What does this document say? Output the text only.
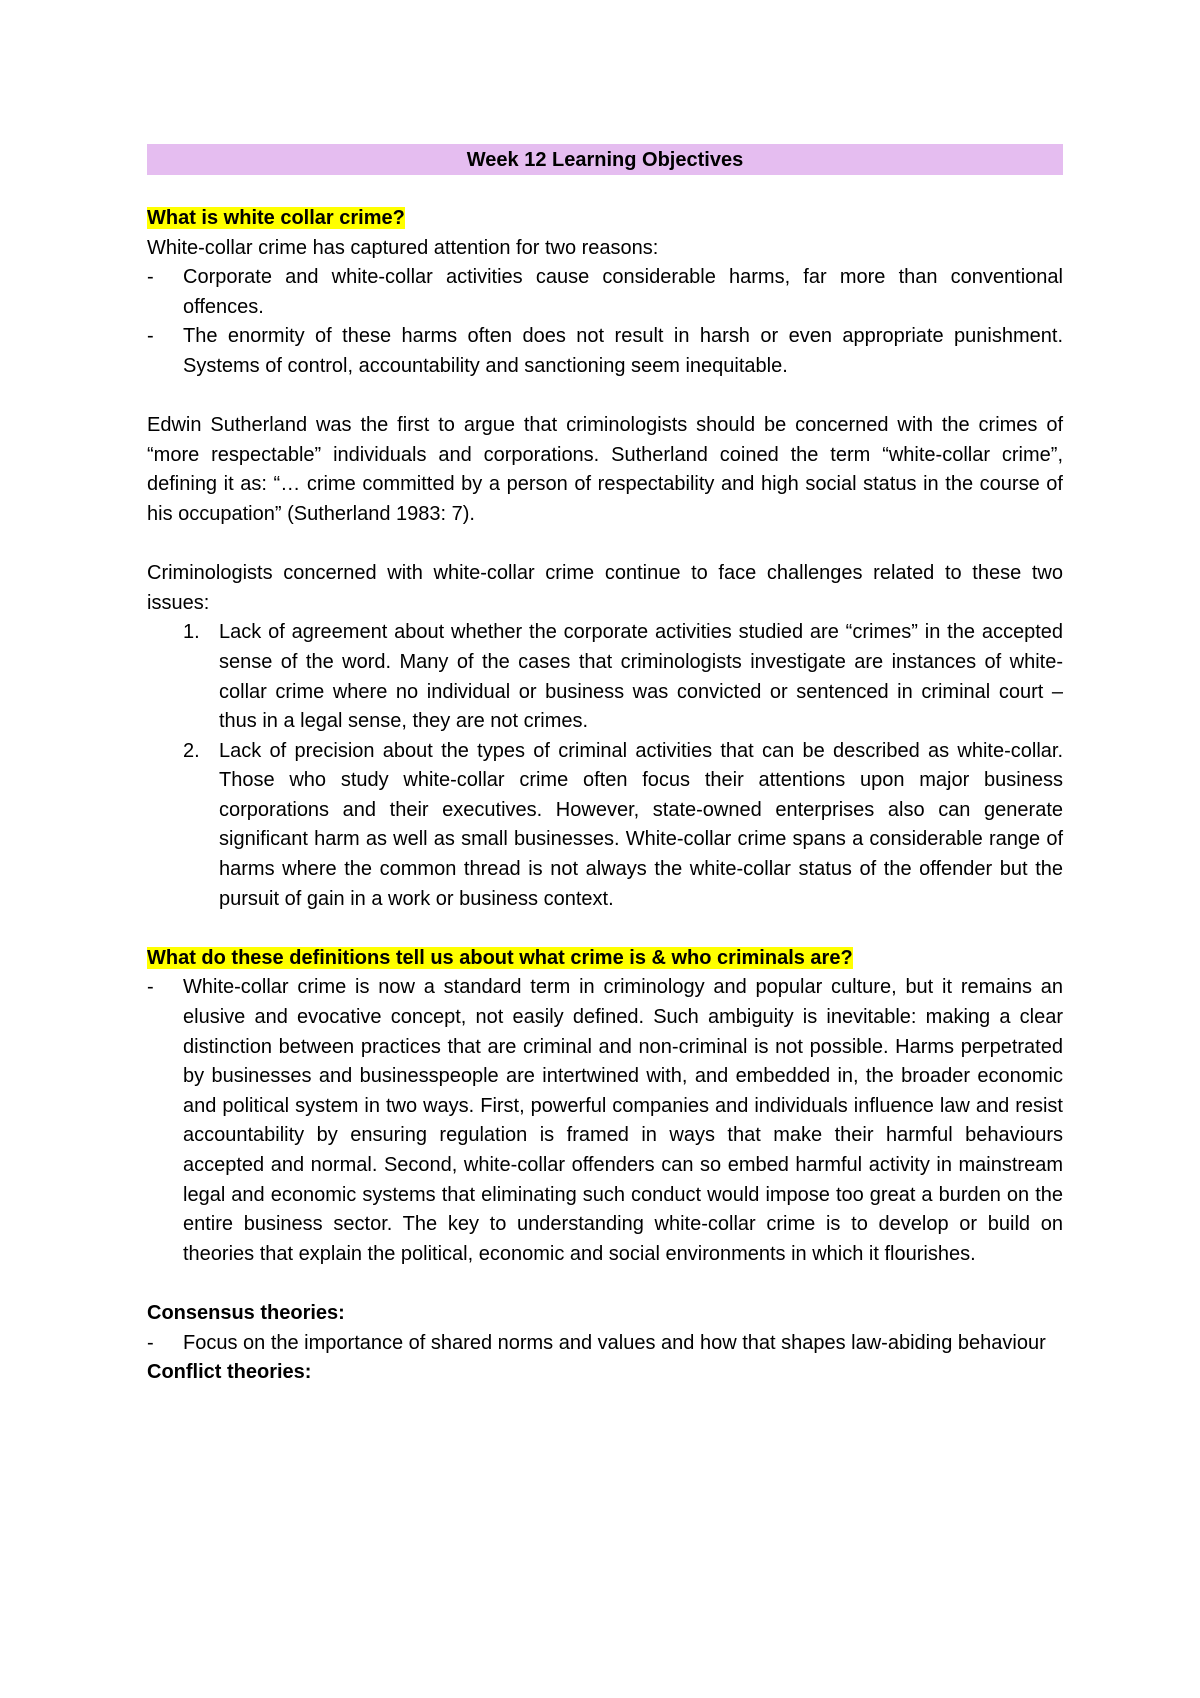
Week 12 Learning Objectives

What is white collar crime?

White-collar crime has captured attention for two reasons:

- Corporate and white-collar activities cause considerable harms, far more than conventional offences.
- The enormity of these harms often does not result in harsh or even appropriate punishment. Systems of control, accountability and sanctioning seem inequitable.

Edwin Sutherland was the first to argue that criminologists should be concerned with the crimes of “more respectable” individuals and corporations. Sutherland coined the term “white-collar crime”, defining it as: “… crime committed by a person of respectability and high social status in the course of his occupation” (Sutherland 1983: 7).

Criminologists concerned with white-collar crime continue to face challenges related to these two issues:

1. Lack of agreement about whether the corporate activities studied are “crimes” in the accepted sense of the word. Many of the cases that criminologists investigate are instances of white-collar crime where no individual or business was convicted or sentenced in criminal court – thus in a legal sense, they are not crimes.
2. Lack of precision about the types of criminal activities that can be described as white-collar. Those who study white-collar crime often focus their attentions upon major business corporations and their executives. However, state-owned enterprises also can generate significant harm as well as small businesses. White-collar crime spans a considerable range of harms where the common thread is not always the white-collar status of the offender but the pursuit of gain in a work or business context.

What do these definitions tell us about what crime is & who criminals are?

- White-collar crime is now a standard term in criminology and popular culture, but it remains an elusive and evocative concept, not easily defined. Such ambiguity is inevitable: making a clear distinction between practices that are criminal and non-criminal is not possible. Harms perpetrated by businesses and businesspeople are intertwined with, and embedded in, the broader economic and political system in two ways. First, powerful companies and individuals influence law and resist accountability by ensuring regulation is framed in ways that make their harmful behaviours accepted and normal. Second, white-collar offenders can so embed harmful activity in mainstream legal and economic systems that eliminating such conduct would impose too great a burden on the entire business sector. The key to understanding white-collar crime is to develop or build on theories that explain the political, economic and social environments in which it flourishes.

Consensus theories:

- Focus on the importance of shared norms and values and how that shapes law-abiding behaviour

Conflict theories:
